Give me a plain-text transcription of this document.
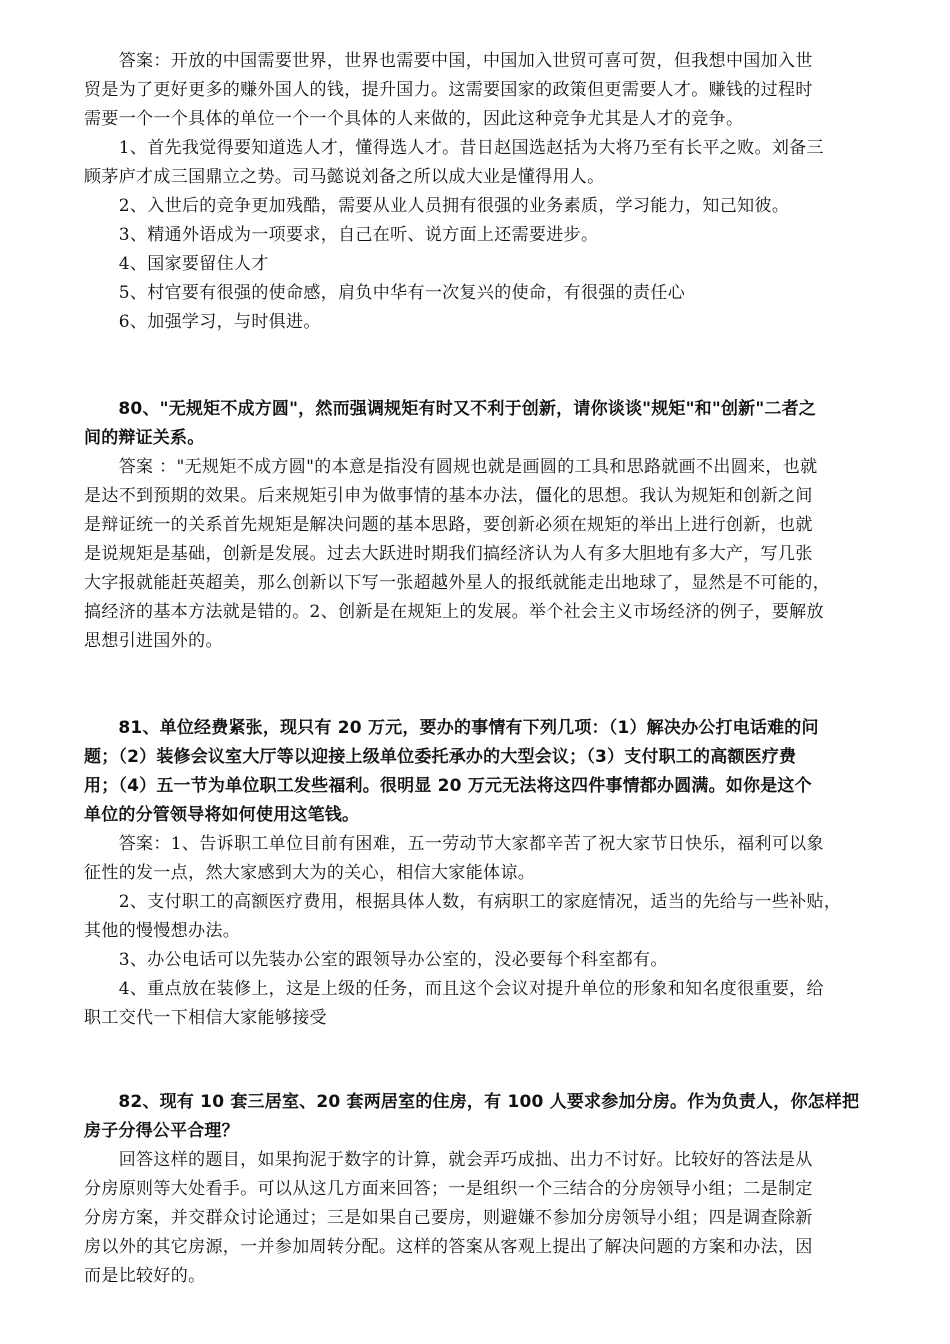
　　答案：开放的中国需要世界，世界也需要中国，中国加入世贸可喜可贺，但我想中国加入世
贸是为了更好更多的赚外国人的钱，提升国力。这需要国家的政策但更需要人才。赚钱的过程时
需要一个一个具体的单位一个一个具体的人来做的，因此这种竞争尤其是人才的竞争。
　　1、首先我觉得要知道选人才，懂得选人才。昔日赵国选赵括为大将乃至有长平之败。刘备三
顾茅庐才成三国鼎立之势。司马懿说刘备之所以成大业是懂得用人。
　　2、入世后的竞争更加残酷，需要从业人员拥有很强的业务素质，学习能力，知己知彼。
　　3、精通外语成为一项要求，自己在听、说方面上还需要进步。
　　4、国家要留住人才
　　5、村官要有很强的使命感，肩负中华有一次复兴的使命，有很强的责任心
　　6、加强学习，与时俱进。
　　80、"无规矩不成方圆"，然而强调规矩有时又不利于创新，请你谈谈"规矩"和"创新"二者之
间的辩证关系。
　　答案 ："无规矩不成方圆"的本意是指没有圆规也就是画圆的工具和思路就画不出圆来，也就
是达不到预期的效果。后来规矩引申为做事情的基本办法，僵化的思想。我认为规矩和创新之间
是辩证统一的关系首先规矩是解决问题的基本思路，要创新必须在规矩的举出上进行创新，也就
是说规矩是基础，创新是发展。过去大跃进时期我们搞经济认为人有多大胆地有多大产，写几张
大字报就能赶英超美，那么创新以下写一张超越外星人的报纸就能走出地球了，显然是不可能的，
搞经济的基本方法就是错的。2、创新是在规矩上的发展。举个社会主义市场经济的例子，要解放
思想引进国外的。
　　81、单位经费紧张，现只有 20 万元，要办的事情有下列几项：（1）解决办公打电话难的问
题；（2）装修会议室大厅等以迎接上级单位委托承办的大型会议；（3）支付职工的高额医疗费
用；（4）五一节为单位职工发些福利。很明显 20 万元无法将这四件事情都办圆满。如你是这个
单位的分管领导将如何使用这笔钱。
　　答案：1、告诉职工单位目前有困难，五一劳动节大家都辛苦了祝大家节日快乐，福利可以象
征性的发一点，然大家感到大为的关心，相信大家能体谅。
　　2、支付职工的高额医疗费用，根据具体人数，有病职工的家庭情况，适当的先给与一些补贴，
其他的慢慢想办法。
　　3、办公电话可以先装办公室的跟领导办公室的，没必要每个科室都有。
　　4、重点放在装修上，这是上级的任务，而且这个会议对提升单位的形象和知名度很重要，给
职工交代一下相信大家能够接受
　　82、现有 10 套三居室、20 套两居室的住房，有 100 人要求参加分房。作为负责人，你怎样把
房子分得公平合理？
　　回答这样的题目，如果拘泥于数字的计算，就会弄巧成拙、出力不讨好。比较好的答法是从
分房原则等大处看手。可以从这几方面来回答；一是组织一个三结合的分房领导小组；二是制定
分房方案，并交群众讨论通过；三是如果自己要房，则避嫌不参加分房领导小组；四是调查除新
房以外的其它房源，一并参加周转分配。这样的答案从客观上提出了解决问题的方案和办法，因
而是比较好的。
